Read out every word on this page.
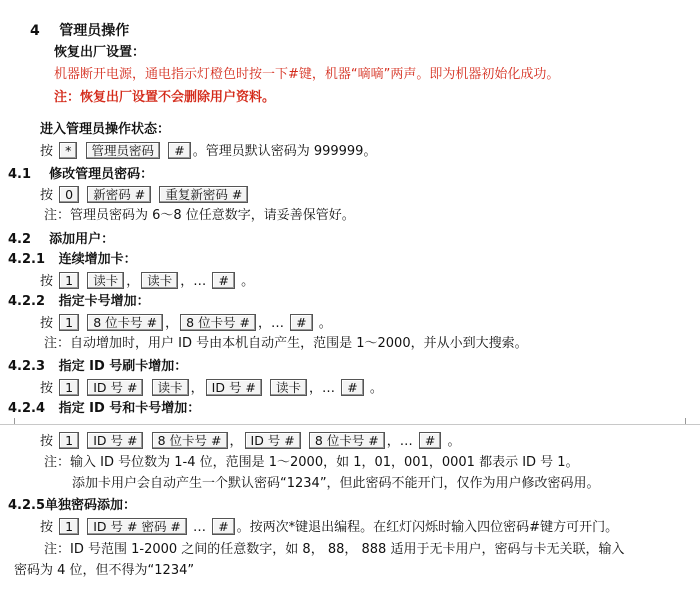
4 管理员操作
恢复出厂设置：
机器断开电源，通电指示灯橙色时按一下#键，机器“嘀嘀”两声。即为机器初始化成功。
注：恢复出厂设置不会删除用户资料。
进入管理员操作状态：
按 * 管理员密码 # 。管理员默认密码为 999999。
4.1 修改管理员密码：
按 0 新密码 # 重复新密码 #
注：管理员密码为 6～8 位任意数字，请妥善保管好。
4.2 添加用户：
4.2.1 连续增加卡：
按 1 读卡 ， 读卡 ，… # 。
4.2.2 指定卡号增加：
按 1 8 位卡号 # ， 8 位卡号 # ，… # 。
注：自动增加时，用户 ID 号由本机自动产生，范围是 1～2000，并从小到大搜索。
4.2.3 指定 ID 号刷卡增加：
按 1 ID 号 # 读卡 ， ID 号 # 读卡 ，… # 。
4.2.4 指定 ID 号和卡号增加：
按 1 ID 号 # 8 位卡号 # ， ID 号 # 8 位卡号 # ，… # 。
注：输入 ID 号位数为 1-4 位，范围是 1～2000，如 1，01，001，0001 都表示 ID 号 1。
添加卡用户会自动产生一个默认密码“1234”，但此密码不能开门，仅作为用户修改密码用。
4.2.5单独密码添加：
按 1 ID 号 # 密码 # … # 。按两次*键退出编程。在红灯闪烁时输入四位密码#键方可开门。
注：ID 号范围 1-2000 之间的任意数字，如 8， 88， 888 适用于无卡用户，密码与卡无关联，输入
密码为 4 位，但不得为“1234”
